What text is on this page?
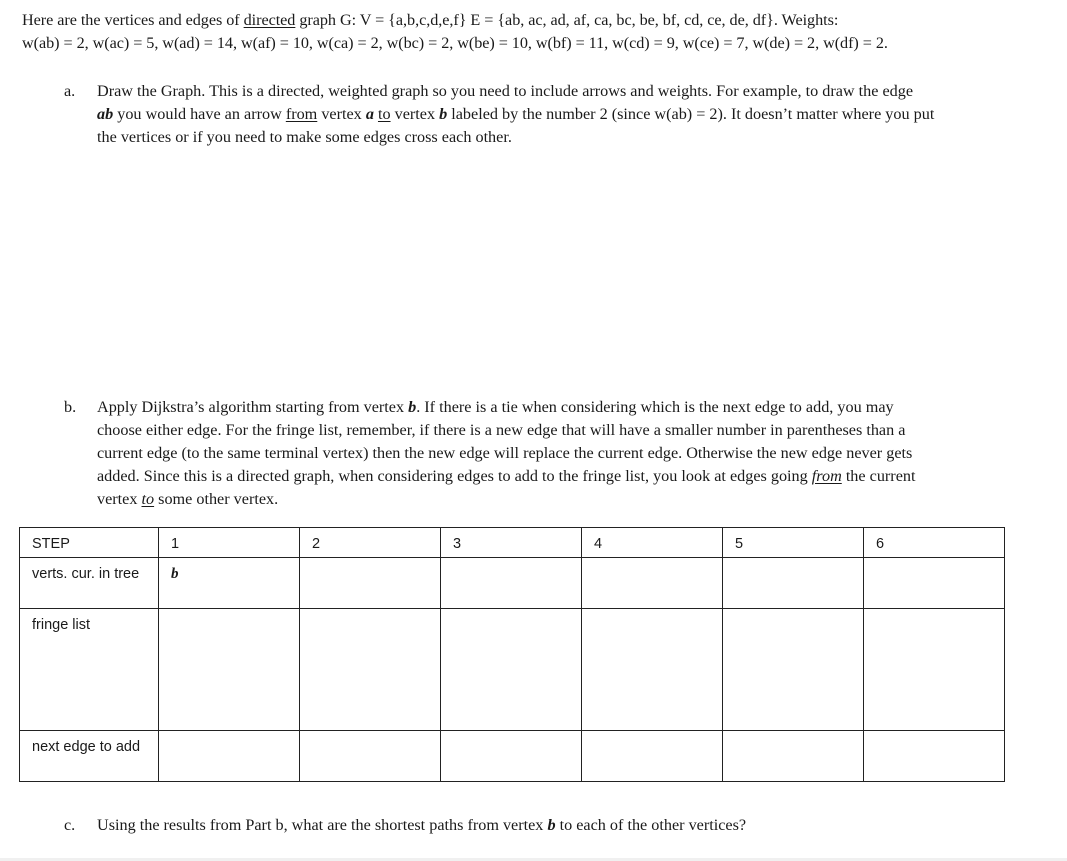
Here are the vertices and edges of directed graph G: V = {a,b,c,d,e,f} E = {ab, ac, ad, af, ca, bc, be, bf, cd, ce, de, df}. Weights:
w(ab) = 2, w(ac) = 5, w(ad) = 14, w(af) = 10, w(ca) = 2, w(bc) = 2, w(be) = 10, w(bf) = 11, w(cd) = 9, w(ce) = 7, w(de) = 2, w(df) = 2.
a. Draw the Graph. This is a directed, weighted graph so you need to include arrows and weights. For example, to draw the edge
ab you would have an arrow from vertex a to vertex b labeled by the number 2 (since w(ab) = 2). It doesn’t matter where you put
the vertices or if you need to make some edges cross each other.
b. Apply Dijkstra’s algorithm starting from vertex b. If there is a tie when considering which is the next edge to add, you may
choose either edge. For the fringe list, remember, if there is a new edge that will have a smaller number in parentheses than a
current edge (to the same terminal vertex) then the new edge will replace the current edge. Otherwise the new edge never gets
added. Since this is a directed graph, when considering edges to add to the fringe list, you look at edges going from the current
vertex to some other vertex.
STEP	1	2	3	4	5	6
verts. cur. in tree	b					
fringe list						
next edge to add						
c. Using the results from Part b, what are the shortest paths from vertex b to each of the other vertices?
